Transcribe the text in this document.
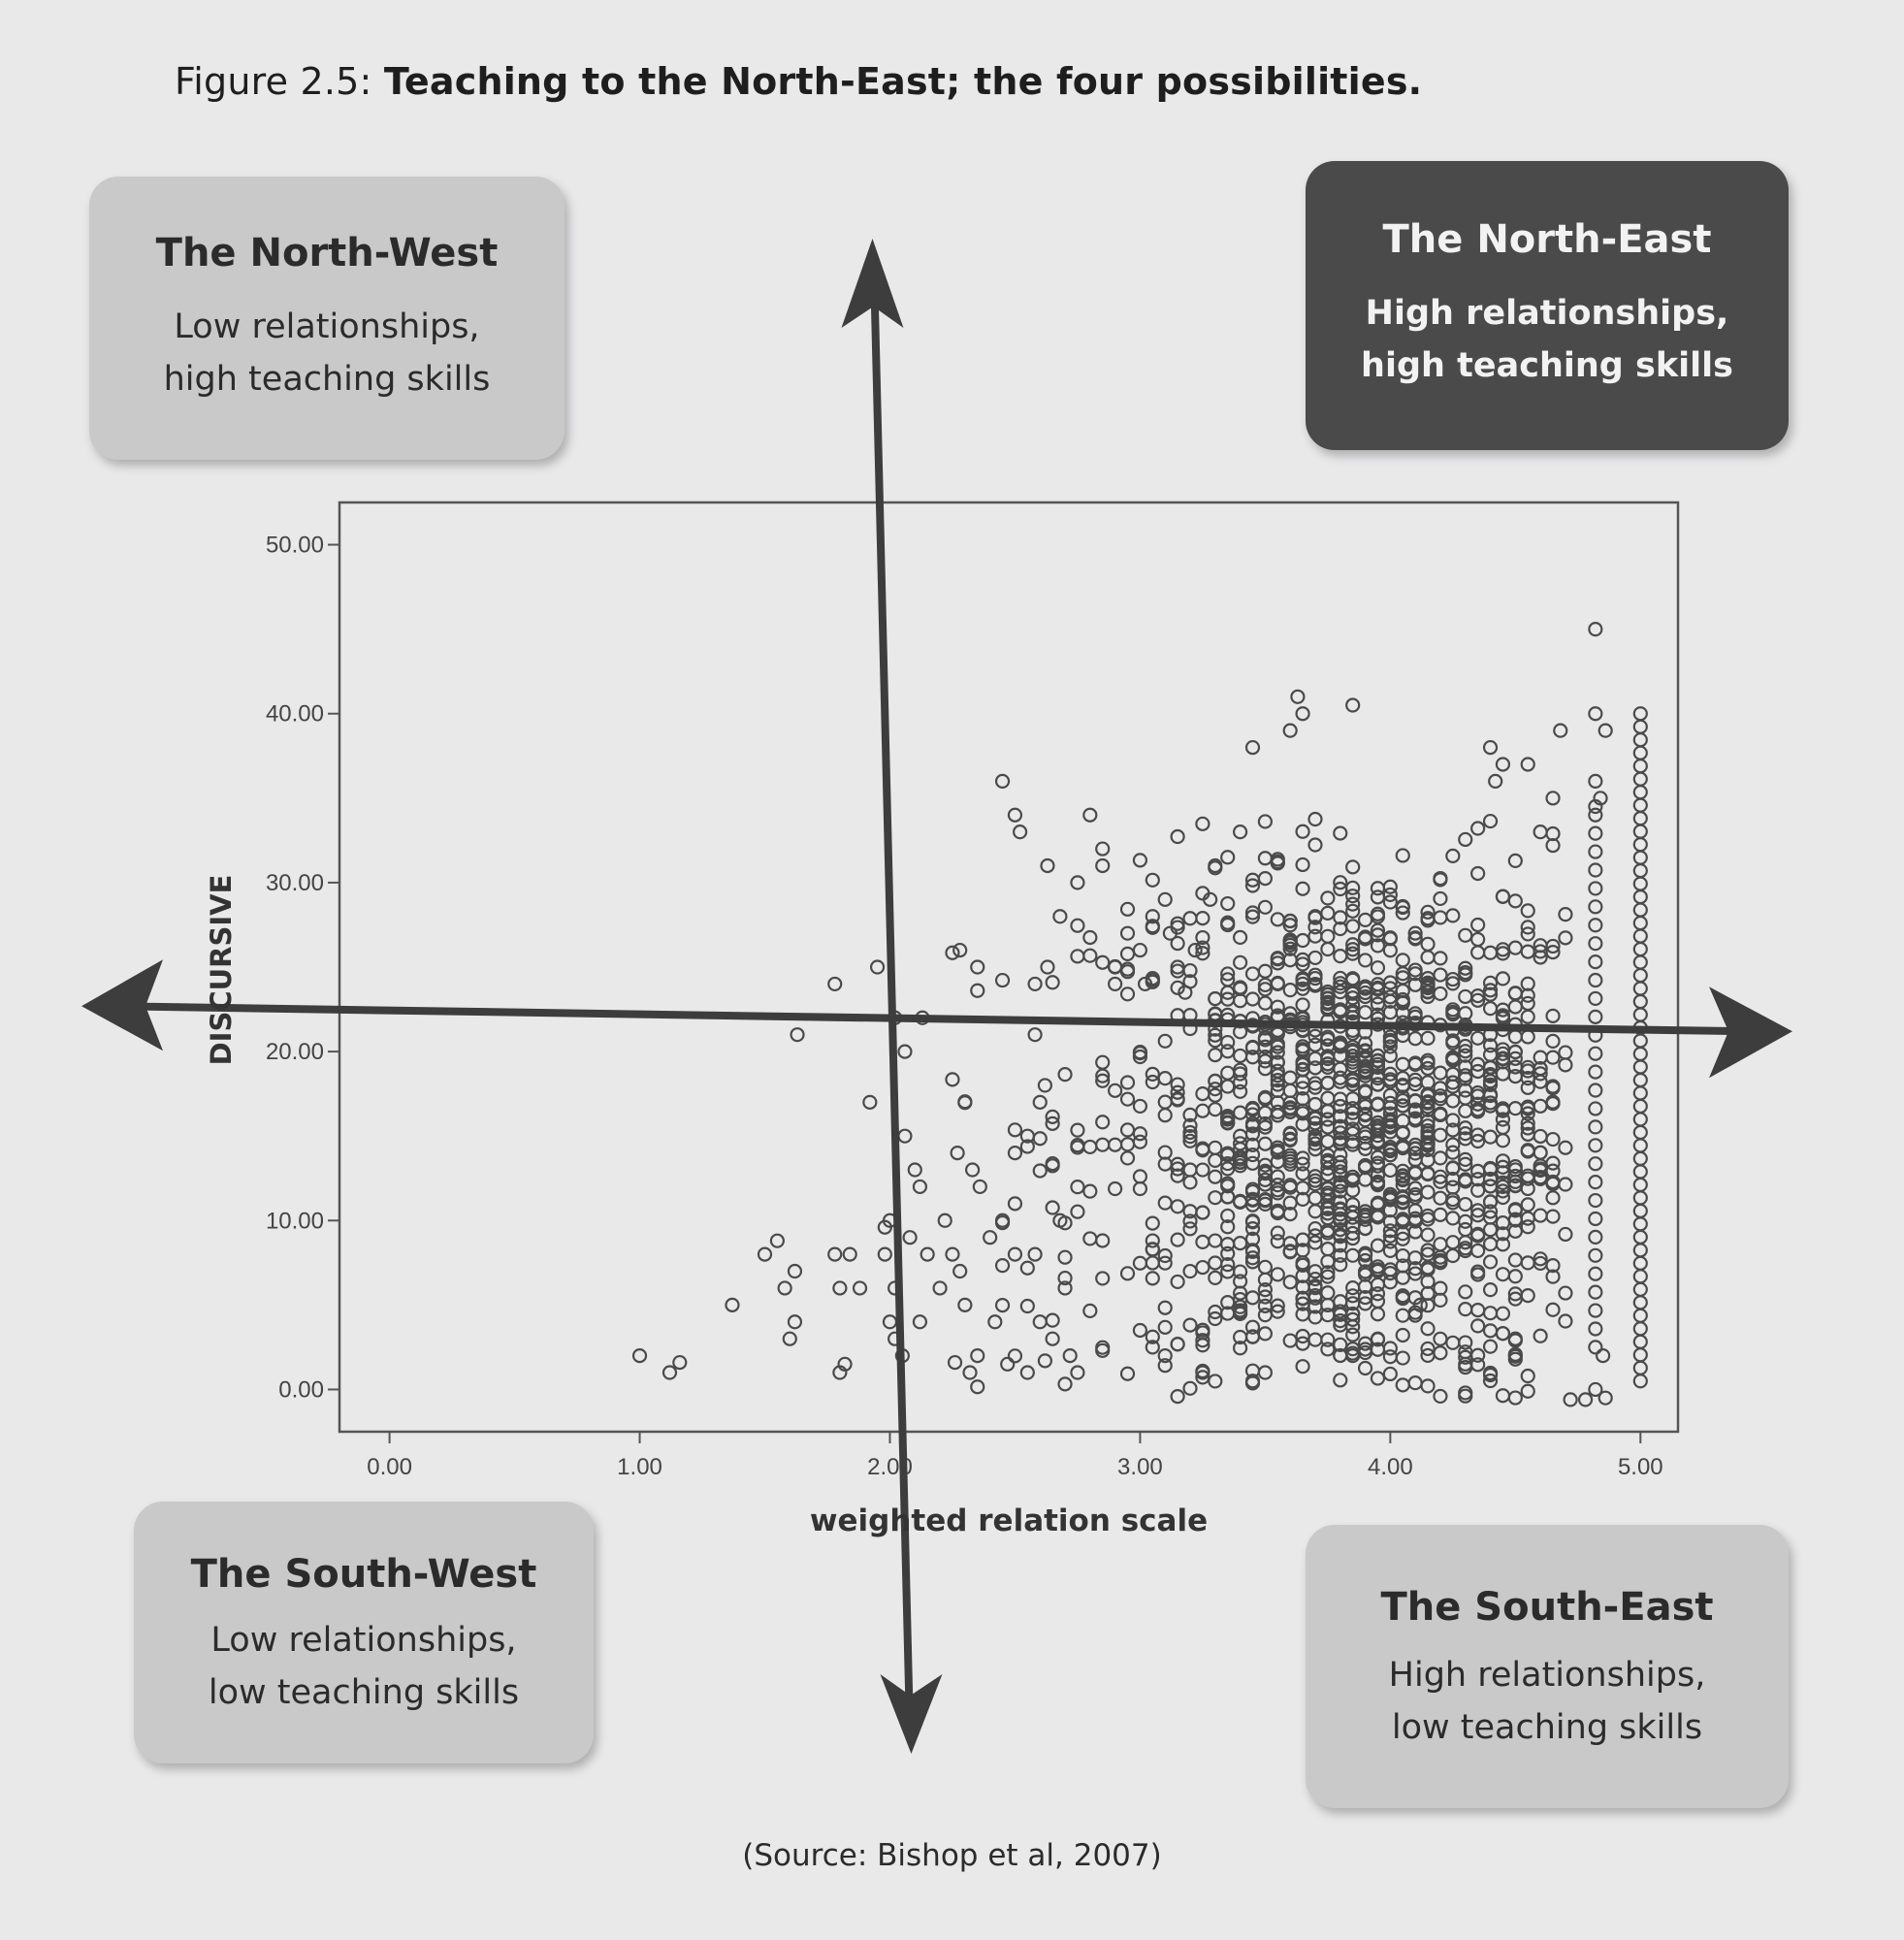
Figure 2.5: Teaching to the North-East; the four possibilities.
0.00	1.00	2.00	3.00	4.00	5.00
0.00
10.00
20.00
30.00
40.00
50.00
weighted relation scale
DISCURSIVE
The North-West
Low relationships,
high teaching skills
The North-East
High relationships,
high teaching skills
The South-West
Low relationships,
low teaching skills
The South-East
High relationships,
low teaching skills
(Source: Bishop et al, 2007)
